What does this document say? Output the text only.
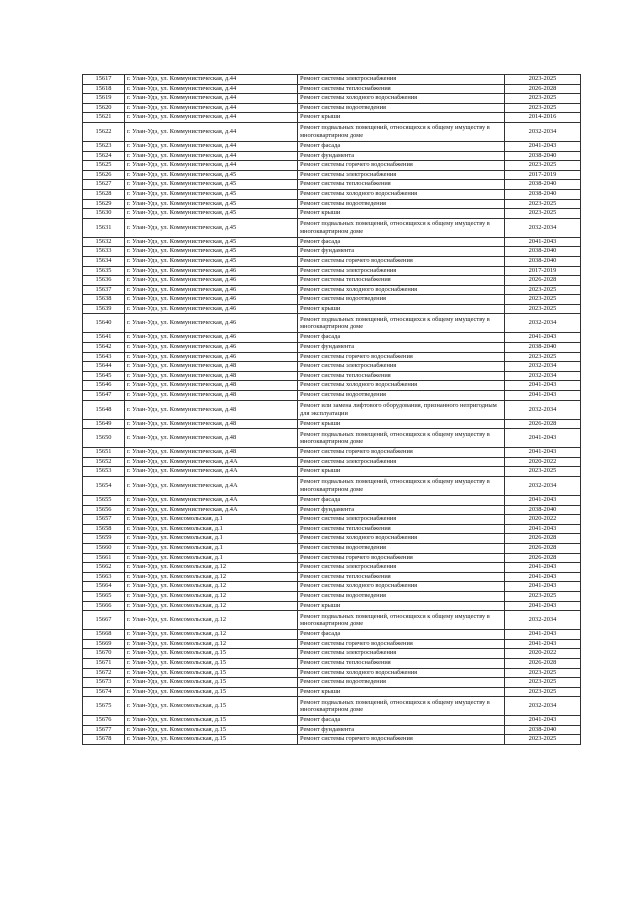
15617	г. Улан-Удэ, ул. Коммунистическая, д.44	Ремонт системы электроснабжения	2023-2025
15618	г. Улан-Удэ, ул. Коммунистическая, д.44	Ремонт системы теплоснабжения	2026-2028
15619	г. Улан-Удэ, ул. Коммунистическая, д.44	Ремонт системы холодного водоснабжения	2023-2025
15620	г. Улан-Удэ, ул. Коммунистическая, д.44	Ремонт системы водоотведения	2023-2025
15621	г. Улан-Удэ, ул. Коммунистическая, д.44	Ремонт крыши	2014-2016
15622	г. Улан-Удэ, ул. Коммунистическая, д.44	Ремонт подвальных помещений, относящихся к общему имуществу в многоквартирном доме	2032-2034
15623	г. Улан-Удэ, ул. Коммунистическая, д.44	Ремонт фасада	2041-2043
15624	г. Улан-Удэ, ул. Коммунистическая, д.44	Ремонт фундамента	2038-2040
15625	г. Улан-Удэ, ул. Коммунистическая, д.44	Ремонт системы горячего водоснабжения	2023-2025
15626	г. Улан-Удэ, ул. Коммунистическая, д.45	Ремонт системы электроснабжения	2017-2019
15627	г. Улан-Удэ, ул. Коммунистическая, д.45	Ремонт системы теплоснабжения	2038-2040
15628	г. Улан-Удэ, ул. Коммунистическая, д.45	Ремонт системы холодного водоснабжения	2038-2040
15629	г. Улан-Удэ, ул. Коммунистическая, д.45	Ремонт системы водоотведения	2023-2025
15630	г. Улан-Удэ, ул. Коммунистическая, д.45	Ремонт крыши	2023-2025
15631	г. Улан-Удэ, ул. Коммунистическая, д.45	Ремонт подвальных помещений, относящихся к общему имуществу в многоквартирном доме	2032-2034
15632	г. Улан-Удэ, ул. Коммунистическая, д.45	Ремонт фасада	2041-2043
15633	г. Улан-Удэ, ул. Коммунистическая, д.45	Ремонт фундамента	2038-2040
15634	г. Улан-Удэ, ул. Коммунистическая, д.45	Ремонт системы горячего водоснабжения	2038-2040
15635	г. Улан-Удэ, ул. Коммунистическая, д.46	Ремонт системы электроснабжения	2017-2019
15636	г. Улан-Удэ, ул. Коммунистическая, д.46	Ремонт системы теплоснабжения	2026-2028
15637	г. Улан-Удэ, ул. Коммунистическая, д.46	Ремонт системы холодного водоснабжения	2023-2025
15638	г. Улан-Удэ, ул. Коммунистическая, д.46	Ремонт системы водоотведения	2023-2025
15639	г. Улан-Удэ, ул. Коммунистическая, д.46	Ремонт крыши	2023-2025
15640	г. Улан-Удэ, ул. Коммунистическая, д.46	Ремонт подвальных помещений, относящихся к общему имуществу в многоквартирном доме	2032-2034
15641	г. Улан-Удэ, ул. Коммунистическая, д.46	Ремонт фасада	2041-2043
15642	г. Улан-Удэ, ул. Коммунистическая, д.46	Ремонт фундамента	2038-2040
15643	г. Улан-Удэ, ул. Коммунистическая, д.46	Ремонт системы горячего водоснабжения	2023-2025
15644	г. Улан-Удэ, ул. Коммунистическая, д.48	Ремонт системы электроснабжения	2032-2034
15645	г. Улан-Удэ, ул. Коммунистическая, д.48	Ремонт системы теплоснабжения	2032-2034
15646	г. Улан-Удэ, ул. Коммунистическая, д.48	Ремонт системы холодного водоснабжения	2041-2043
15647	г. Улан-Удэ, ул. Коммунистическая, д.48	Ремонт системы водоотведения	2041-2043
15648	г. Улан-Удэ, ул. Коммунистическая, д.48	Ремонт или замена лифтового оборудования, признанного непригодным для эксплуатации	2032-2034
15649	г. Улан-Удэ, ул. Коммунистическая, д.48	Ремонт крыши	2026-2028
15650	г. Улан-Удэ, ул. Коммунистическая, д.48	Ремонт подвальных помещений, относящихся к общему имуществу в многоквартирном доме	2041-2043
15651	г. Улан-Удэ, ул. Коммунистическая, д.48	Ремонт системы горячего водоснабжения	2041-2043
15652	г. Улан-Удэ, ул. Коммунистическая, д.4А	Ремонт системы электроснабжения	2020-2022
15653	г. Улан-Удэ, ул. Коммунистическая, д.4А	Ремонт крыши	2023-2025
15654	г. Улан-Удэ, ул. Коммунистическая, д.4А	Ремонт подвальных помещений, относящихся к общему имуществу в многоквартирном доме	2032-2034
15655	г. Улан-Удэ, ул. Коммунистическая, д.4А	Ремонт фасада	2041-2043
15656	г. Улан-Удэ, ул. Коммунистическая, д.4А	Ремонт фундамента	2038-2040
15657	г. Улан-Удэ, ул. Комсомольская, д.1	Ремонт системы электроснабжения	2020-2022
15658	г. Улан-Удэ, ул. Комсомольская, д.1	Ремонт системы теплоснабжения	2041-2043
15659	г. Улан-Удэ, ул. Комсомольская, д.1	Ремонт системы холодного водоснабжения	2026-2028
15660	г. Улан-Удэ, ул. Комсомольская, д.1	Ремонт системы водоотведения	2026-2028
15661	г. Улан-Удэ, ул. Комсомольская, д.1	Ремонт системы горячего водоснабжения	2026-2028
15662	г. Улан-Удэ, ул. Комсомольская, д.12	Ремонт системы электроснабжения	2041-2043
15663	г. Улан-Удэ, ул. Комсомольская, д.12	Ремонт системы теплоснабжения	2041-2043
15664	г. Улан-Удэ, ул. Комсомольская, д.12	Ремонт системы холодного водоснабжения	2041-2043
15665	г. Улан-Удэ, ул. Комсомольская, д.12	Ремонт системы водоотведения	2023-2025
15666	г. Улан-Удэ, ул. Комсомольская, д.12	Ремонт крыши	2041-2043
15667	г. Улан-Удэ, ул. Комсомольская, д.12	Ремонт подвальных помещений, относящихся к общему имуществу в многоквартирном доме	2032-2034
15668	г. Улан-Удэ, ул. Комсомольская, д.12	Ремонт фасада	2041-2043
15669	г. Улан-Удэ, ул. Комсомольская, д.12	Ремонт системы горячего водоснабжения	2041-2043
15670	г. Улан-Удэ, ул. Комсомольская, д.15	Ремонт системы электроснабжения	2020-2022
15671	г. Улан-Удэ, ул. Комсомольская, д.15	Ремонт системы теплоснабжения	2026-2028
15672	г. Улан-Удэ, ул. Комсомольская, д.15	Ремонт системы холодного водоснабжения	2023-2025
15673	г. Улан-Удэ, ул. Комсомольская, д.15	Ремонт системы водоотведения	2023-2025
15674	г. Улан-Удэ, ул. Комсомольская, д.15	Ремонт крыши	2023-2025
15675	г. Улан-Удэ, ул. Комсомольская, д.15	Ремонт подвальных помещений, относящихся к общему имуществу в многоквартирном доме	2032-2034
15676	г. Улан-Удэ, ул. Комсомольская, д.15	Ремонт фасада	2041-2043
15677	г. Улан-Удэ, ул. Комсомольская, д.15	Ремонт фундамента	2038-2040
15678	г. Улан-Удэ, ул. Комсомольская, д.15	Ремонт системы горячего водоснабжения	2023-2025
